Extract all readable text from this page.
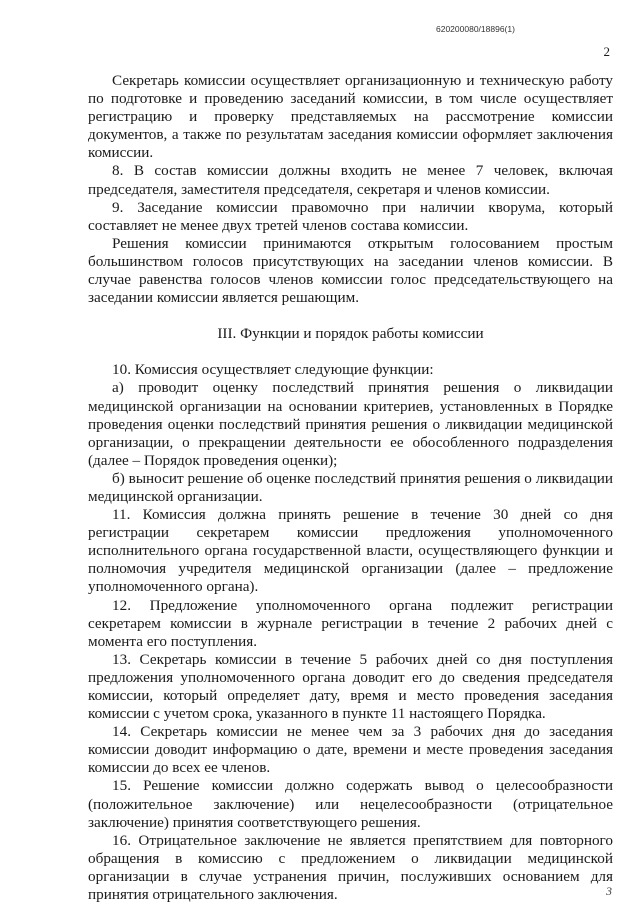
620200080/18896(1)
2

Секретарь комиссии осуществляет организационную и техническую работу по подготовке и проведению заседаний комиссии, в том числе осуществляет регистрацию и проверку представляемых на рассмотрение комиссии документов, а также по результатам заседания комиссии оформляет заключения комиссии.

8. В состав комиссии должны входить не менее 7 человек, включая председателя, заместителя председателя, секретаря и членов комиссии.

9. Заседание комиссии правомочно при наличии кворума, который составляет не менее двух третей членов состава комиссии.

Решения комиссии принимаются открытым голосованием простым большинством голосов присутствующих на заседании членов комиссии. В случае равенства голосов членов комиссии голос председательствующего на заседании комиссии является решающим.

III. Функции и порядок работы комиссии

10. Комиссия осуществляет следующие функции:

а) проводит оценку последствий принятия решения о ликвидации медицинской организации на основании критериев, установленных в Порядке проведения оценки последствий принятия решения о ликвидации медицинской организации, о прекращении деятельности ее обособленного подразделения (далее – Порядок проведения оценки);

б) выносит решение об оценке последствий принятия решения о ликвидации медицинской организации.

11. Комиссия должна принять решение в течение 30 дней со дня регистрации секретарем комиссии предложения уполномоченного исполнительного органа государственной власти, осуществляющего функции и полномочия учредителя медицинской организации (далее – предложение уполномоченного органа).

12. Предложение уполномоченного органа подлежит регистрации секретарем комиссии в журнале регистрации в течение 2 рабочих дней с момента его поступления.

13. Секретарь комиссии в течение 5 рабочих дней со дня поступления предложения уполномоченного органа доводит его до сведения председателя комиссии, который определяет дату, время и место проведения заседания комиссии с учетом срока, указанного в пункте 11 настоящего Порядка.

14. Секретарь комиссии не менее чем за 3 рабочих дня до заседания комиссии доводит информацию о дате, времени и месте проведения заседания комиссии до всех ее членов.

15. Решение комиссии должно содержать вывод о целесообразности (положительное заключение) или нецелесообразности (отрицательное заключение) принятия соответствующего решения.

16. Отрицательное заключение не является препятствием для повторного обращения в комиссию с предложением о ликвидации медицинской организации в случае устранения причин, послуживших основанием для принятия отрицательного заключения.	3
